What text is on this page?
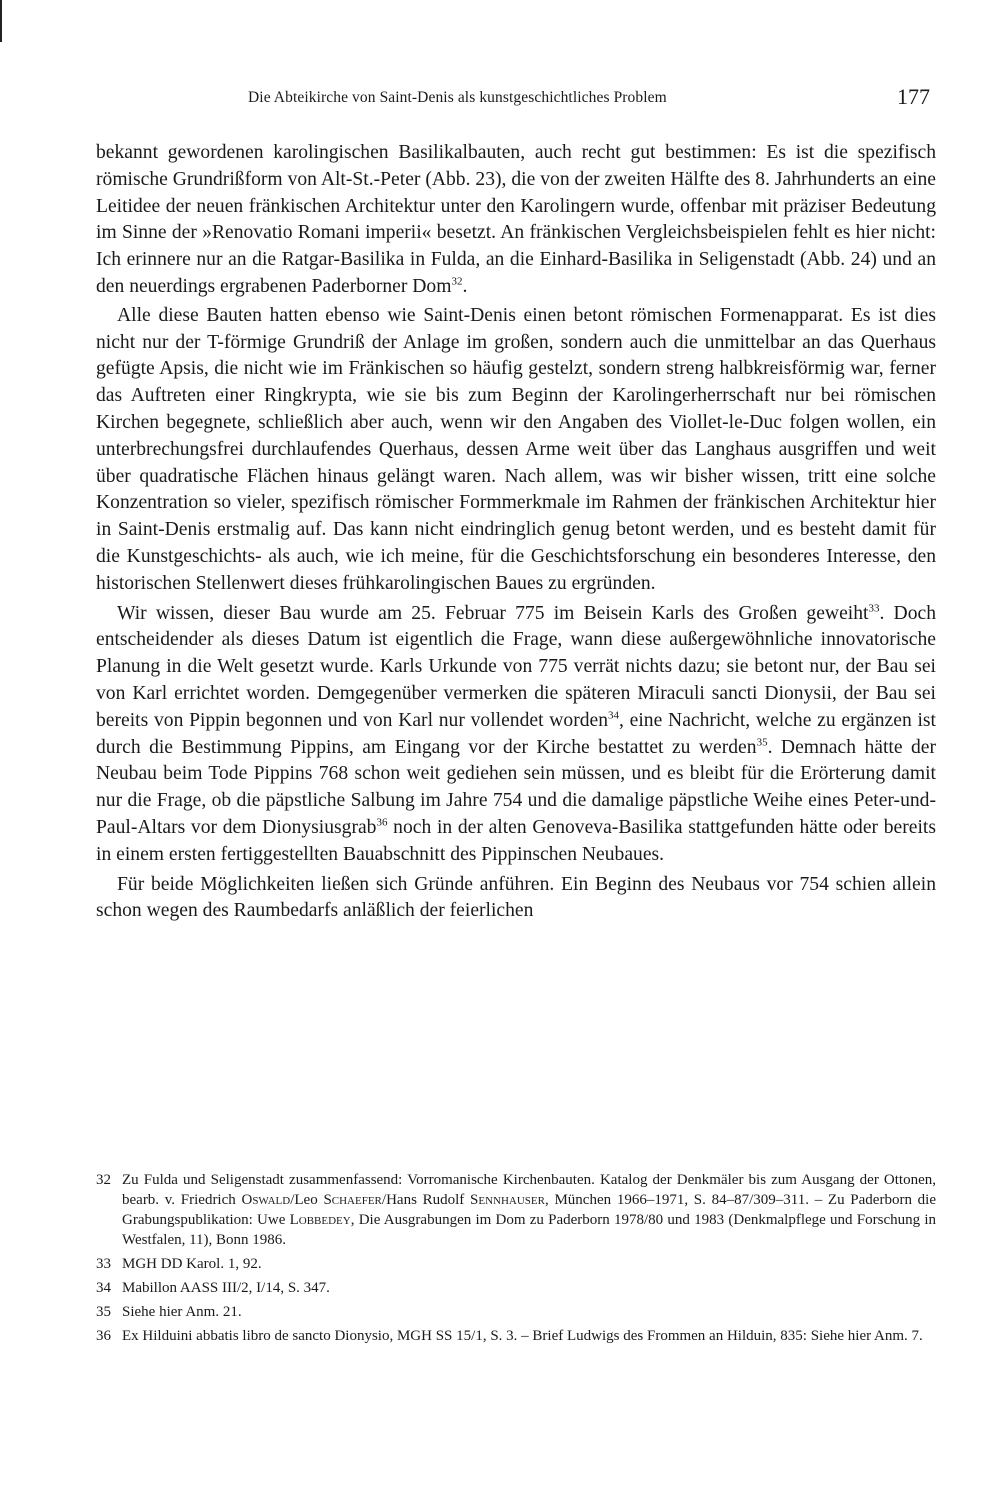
Die Abteikirche von Saint-Denis als kunstgeschichtliches Problem	177

bekannt gewordenen karolingischen Basilikalbauten, auch recht gut bestimmen: Es ist die spezifisch römische Grundrißform von Alt-St.-Peter (Abb. 23), die von der zweiten Hälfte des 8. Jahrhunderts an eine Leitidee der neuen fränkischen Architektur unter den Karolingern wurde, offenbar mit präziser Bedeutung im Sinne der »Renovatio Romani imperii« besetzt. An fränkischen Vergleichsbeispielen fehlt es hier nicht: Ich erinnere nur an die Ratgar-Basilika in Fulda, an die Einhard-Basilika in Seligenstadt (Abb. 24) und an den neuerdings ergrabenen Paderborner Dom$^{32}$.

Alle diese Bauten hatten ebenso wie Saint-Denis einen betont römischen Formenapparat. Es ist dies nicht nur der T-förmige Grundriß der Anlage im großen, sondern auch die unmittelbar an das Querhaus gefügte Apsis, die nicht wie im Fränkischen so häufig gestelzt, sondern streng halbkreisförmig war, ferner das Auftreten einer Ringkrypta, wie sie bis zum Beginn der Karolingerherrschaft nur bei römischen Kirchen begegnete, schließlich aber auch, wenn wir den Angaben des Viollet-le-Duc folgen wollen, ein unterbrechungsfrei durchlaufendes Querhaus, dessen Arme weit über das Langhaus ausgriffen und weit über quadratische Flächen hinaus gelängt waren. Nach allem, was wir bisher wissen, tritt eine solche Konzentration so vieler, spezifisch römischer Formmerkmale im Rahmen der fränkischen Architektur hier in Saint-Denis erstmalig auf. Das kann nicht eindringlich genug betont werden, und es besteht damit für die Kunstgeschichts- als auch, wie ich meine, für die Geschichtsforschung ein besonderes Interesse, den historischen Stellenwert dieses frühkarolingischen Baues zu ergründen.

Wir wissen, dieser Bau wurde am 25. Februar 775 im Beisein Karls des Großen geweiht$^{33}$. Doch entscheidender als dieses Datum ist eigentlich die Frage, wann diese außergewöhnliche innovatorische Planung in die Welt gesetzt wurde. Karls Urkunde von 775 verrät nichts dazu; sie betont nur, der Bau sei von Karl errichtet worden. Demgegenüber vermerken die späteren Miraculi sancti Dionysii, der Bau sei bereits von Pippin begonnen und von Karl nur vollendet worden$^{34}$, eine Nachricht, welche zu ergänzen ist durch die Bestimmung Pippins, am Eingang vor der Kirche bestattet zu werden$^{35}$. Demnach hätte der Neubau beim Tode Pippins 768 schon weit gediehen sein müssen, und es bleibt für die Erörterung damit nur die Frage, ob die päpstliche Salbung im Jahre 754 und die damalige päpstliche Weihe eines Peter-und-Paul-Altars vor dem Dionysiusgrab$^{36}$ noch in der alten Genoveva-Basilika stattgefunden hätte oder bereits in einem ersten fertiggestellten Bauabschnitt des Pippinschen Neubaues.

Für beide Möglichkeiten ließen sich Gründe anführen. Ein Beginn des Neubaus vor 754 schien allein schon wegen des Raumbedarfs anläßlich der feierlichen

32 Zu Fulda und Seligenstadt zusammenfassend: Vorromanische Kirchenbauten. Katalog der Denkmäler bis zum Ausgang der Ottonen, bearb. v. Friedrich Oswald/Leo Schaefer/Hans Rudolf Sennhauser, München 1966–1971, S. 84–87/309–311. – Zu Paderborn die Grabungspublikation: Uwe Lobbedey, Die Ausgrabungen im Dom zu Paderborn 1978/80 und 1983 (Denkmalpflege und Forschung in Westfalen, 11), Bonn 1986.
33 MGH DD Karol. 1, 92.
34 Mabillon AASS III/2, I/14, S. 347.
35 Siehe hier Anm. 21.
36 Ex Hilduini abbatis libro de sancto Dionysio, MGH SS 15/1, S. 3. – Brief Ludwigs des Frommen an Hilduin, 835: Siehe hier Anm. 7.
